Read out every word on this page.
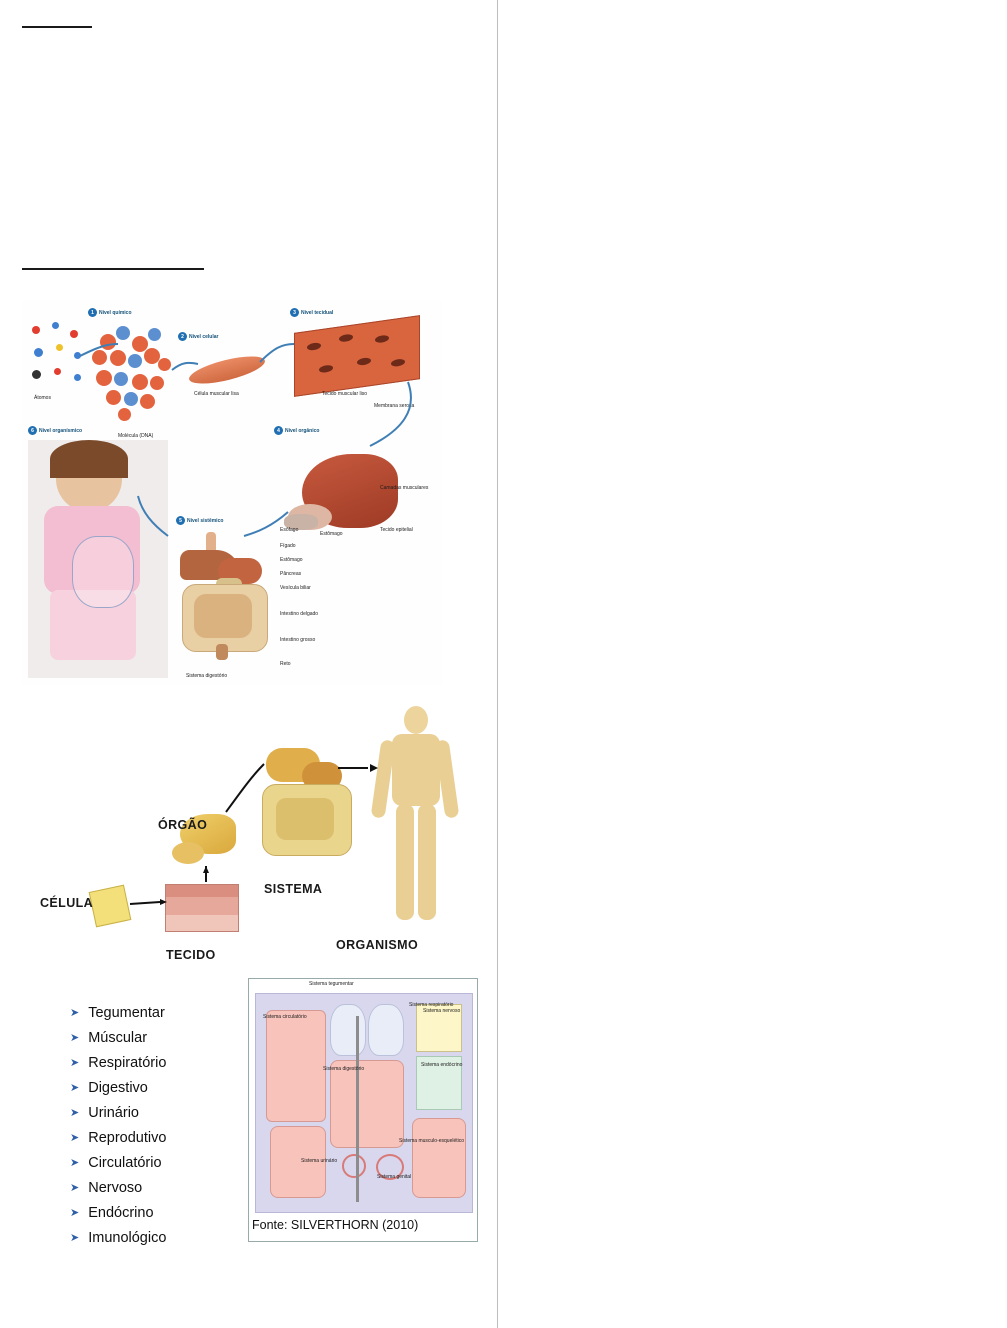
1	Nível químico
Átomos
Molécula (DNA)
2	Nível celular
Célula muscular lisa
3	Nível tecidual
Tecido muscular liso
4	Nível orgânico
Membrana serosa
Camadas musculares
Estômago
Tecido epitelial
6	Nível organísmico
5	Nível sistêmico
Esôfago
Fígado
Estômago
Pâncreas
Vesícula biliar
Intestino delgado
Intestino grosso
Reto
Sistema digestório
CÉLULA
TECIDO
ÓRGÃO
SISTEMA
ORGANISMO
➤ Tegumentar
➤ Múscular
➤ Respiratório
➤ Digestivo
➤ Urinário
➤ Reprodutivo
➤ Circulatório
➤ Nervoso
➤ Endócrino
➤ Imunológico
Sistema tegumentar
Sistema circulatório
Sistema respiratório
Sistema nervoso
Sistema endócrino
Sistema digestório
Sistema urinário
Sistema musculo-esquelético
Sistema genital
Fonte: SILVERTHORN (2010)
